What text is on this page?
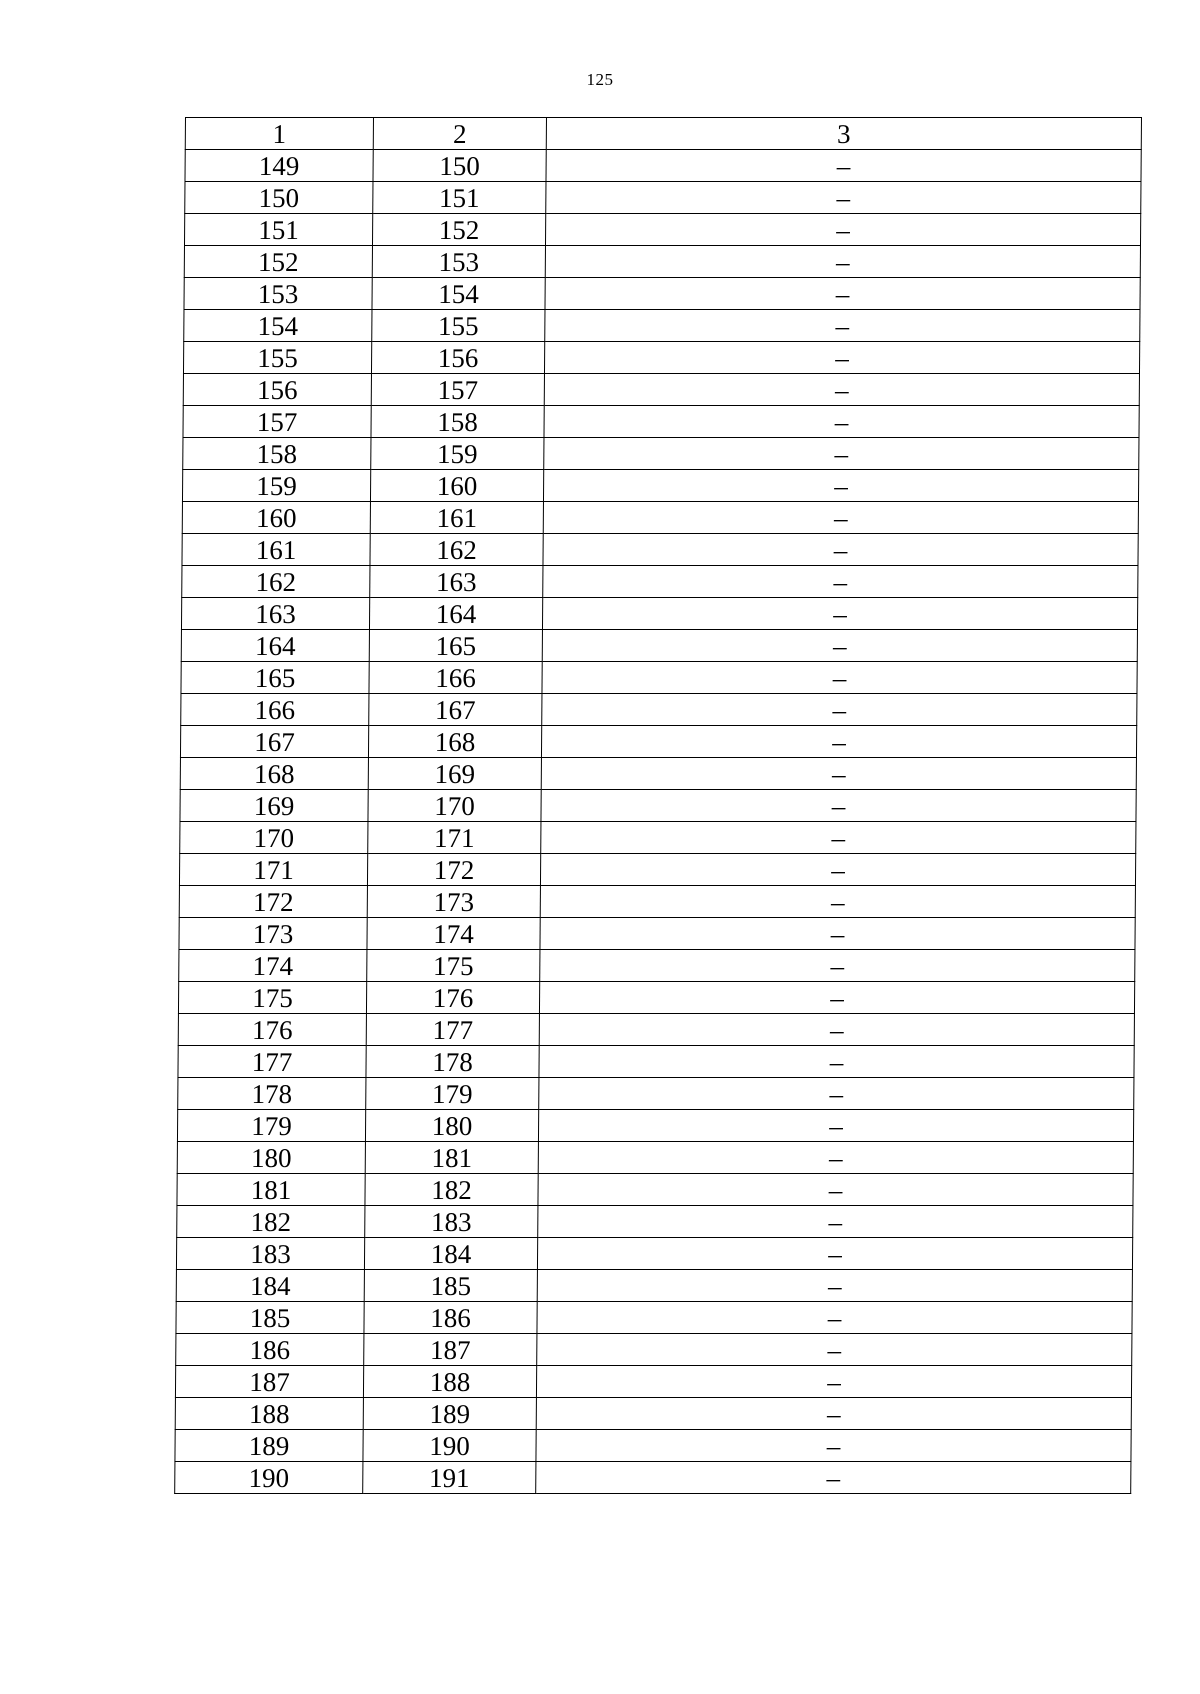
125
1	2	3
149	150	–
150	151	–
151	152	–
152	153	–
153	154	–
154	155	–
155	156	–
156	157	–
157	158	–
158	159	–
159	160	–
160	161	–
161	162	–
162	163	–
163	164	–
164	165	–
165	166	–
166	167	–
167	168	–
168	169	–
169	170	–
170	171	–
171	172	–
172	173	–
173	174	–
174	175	–
175	176	–
176	177	–
177	178	–
178	179	–
179	180	–
180	181	–
181	182	–
182	183	–
183	184	–
184	185	–
185	186	–
186	187	–
187	188	–
188	189	–
189	190	–
190	191	–
